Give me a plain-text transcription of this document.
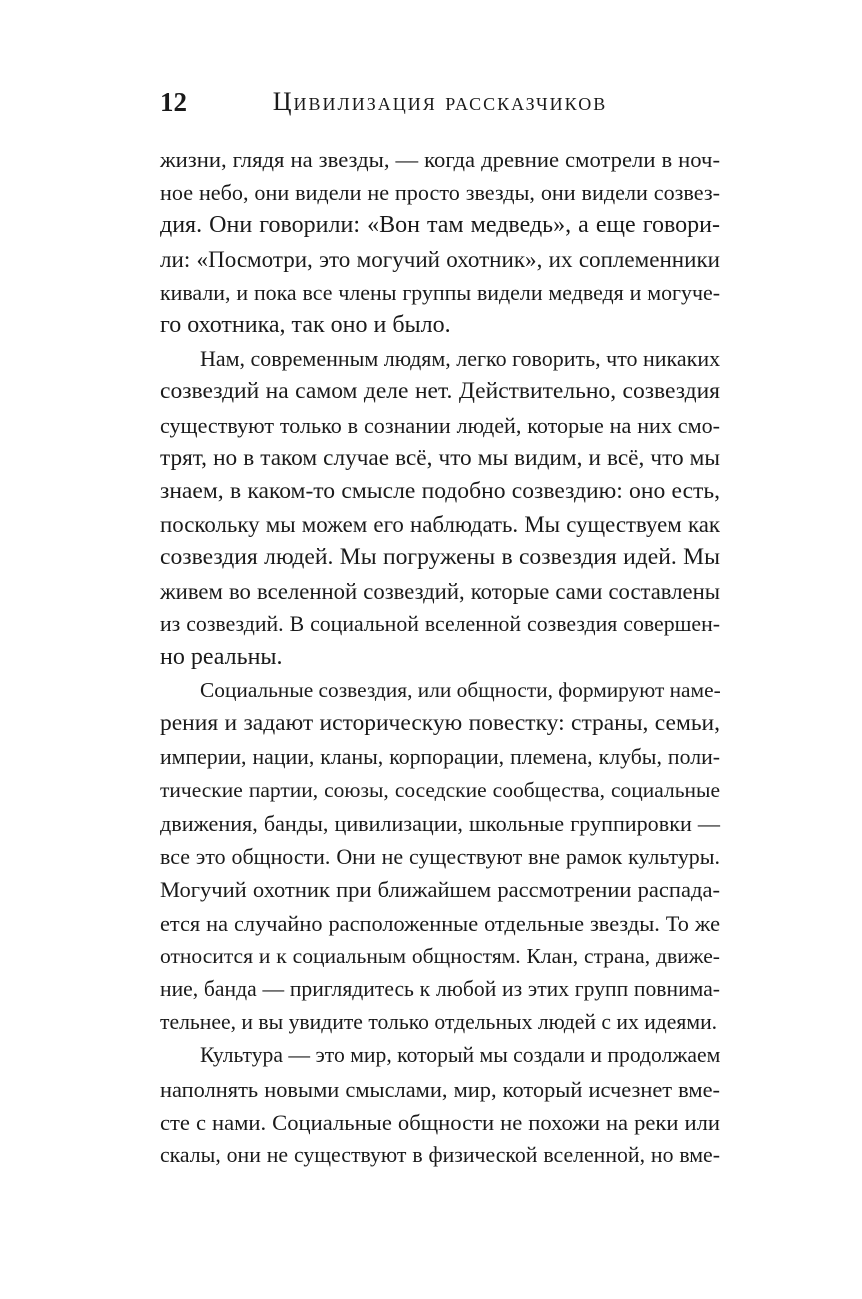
12	Цивилизация рассказчиков

жизни, глядя на звезды, — когда древние смотрели в ноч-
ное небо, они видели не просто звезды, они видели созвез-
дия. Они говорили: «Вон там медведь», а еще говори-
ли: «Посмотри, это могучий охотник», их соплеменники
кивали, и пока все члены группы видели медведя и могуче-
го охотника, так оно и было.

Нам, современным людям, легко говорить, что никаких
созвездий на самом деле нет. Действительно, созвездия
существуют только в сознании людей, которые на них смо-
трят, но в таком случае всё, что мы видим, и всё, что мы
знаем, в каком-то смысле подобно созвездию: оно есть,
поскольку мы можем его наблюдать. Мы существуем как
созвездия людей. Мы погружены в созвездия идей. Мы
живем во вселенной созвездий, которые сами составлены
из созвездий. В социальной вселенной созвездия совершен-
но реальны.

Социальные созвездия, или общности, формируют наме-
рения и задают историческую повестку: страны, семьи,
империи, нации, кланы, корпорации, племена, клубы, поли-
тические партии, союзы, соседские сообщества, социальные
движения, банды, цивилизации, школьные группировки —
все это общности. Они не существуют вне рамок культуры.
Могучий охотник при ближайшем рассмотрении распада-
ется на случайно расположенные отдельные звезды. То же
относится и к социальным общностям. Клан, страна, движе-
ние, банда — приглядитесь к любой из этих групп повнима-
тельнее, и вы увидите только отдельных людей с их идеями.

Культура — это мир, который мы создали и продолжаем
наполнять новыми смыслами, мир, который исчезнет вме-
сте с нами. Социальные общности не похожи на реки или
скалы, они не существуют в физической вселенной, но вме-
